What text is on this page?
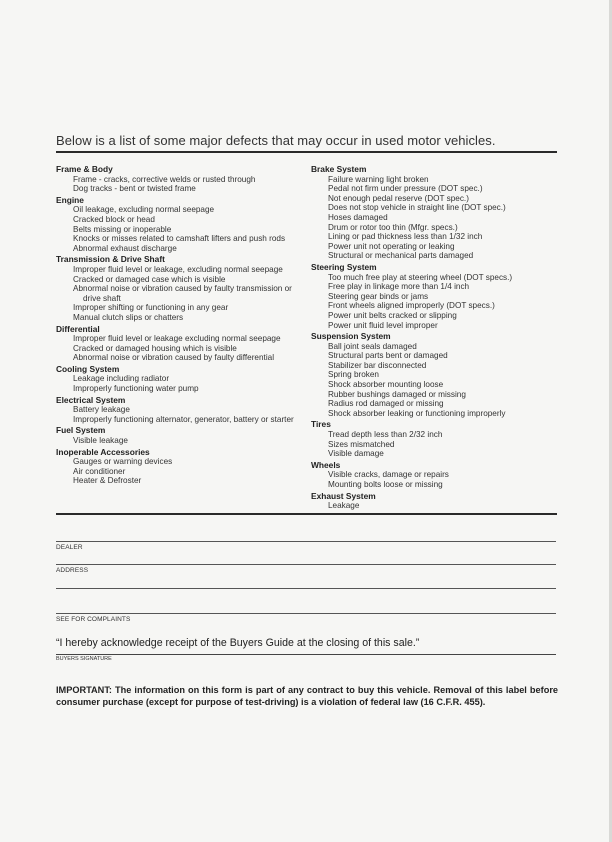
Below is a list of some major defects that may occur in used motor vehicles.
Frame & Body
Frame - cracks, corrective welds or rusted through
Dog tracks - bent or twisted frame
Engine
Oil leakage, excluding normal seepage
Cracked block or head
Belts missing or inoperable
Knocks or misses related to camshaft lifters and push rods
Abnormal exhaust discharge
Transmission & Drive Shaft
Improper fluid level or leakage, excluding normal seepage
Cracked or damaged case which is visible
Abnormal noise or vibration caused by faulty transmission or drive shaft
Improper shifting or functioning in any gear
Manual clutch slips or chatters
Differential
Improper fluid level or leakage excluding normal seepage
Cracked or damaged housing which is visible
Abnormal noise or vibration caused by faulty differential
Cooling System
Leakage including radiator
Improperly functioning water pump
Electrical System
Battery leakage
Improperly functioning alternator, generator, battery or starter
Fuel System
Visible leakage
Inoperable Accessories
Gauges or warning devices
Air conditioner
Heater & Defroster
Brake System
Failure warning light broken
Pedal not firm under pressure (DOT spec.)
Not enough pedal reserve (DOT spec.)
Does not stop vehicle in straight line (DOT spec.)
Hoses damaged
Drum or rotor too thin (Mfgr. specs.)
Lining or pad thickness less than 1/32 inch
Power unit not operating or leaking
Structural or mechanical parts damaged
Steering System
Too much free play at steering wheel (DOT specs.)
Free play in linkage more than 1/4 inch
Steering gear binds or jams
Front wheels aligned improperly (DOT specs.)
Power unit belts cracked or slipping
Power unit fluid level improper
Suspension System
Ball joint seals damaged
Structural parts bent or damaged
Stabilizer bar disconnected
Spring broken
Shock absorber mounting loose
Rubber bushings damaged or missing
Radius rod damaged or missing
Shock absorber leaking or functioning improperly
Tires
Tread depth less than 2/32 inch
Sizes mismatched
Visible damage
Wheels
Visible cracks, damage or repairs
Mounting bolts loose or missing
Exhaust System
Leakage
DEALER
ADDRESS
SEE FOR COMPLAINTS
“I hereby acknowledge receipt of the Buyers Guide at the closing of this sale.”
BUYERS SIGNATURE
IMPORTANT: The information on this form is part of any contract to buy this vehicle. Removal of this label before consumer purchase (except for purpose of test-driving) is a violation of federal law (16 C.F.R. 455).
